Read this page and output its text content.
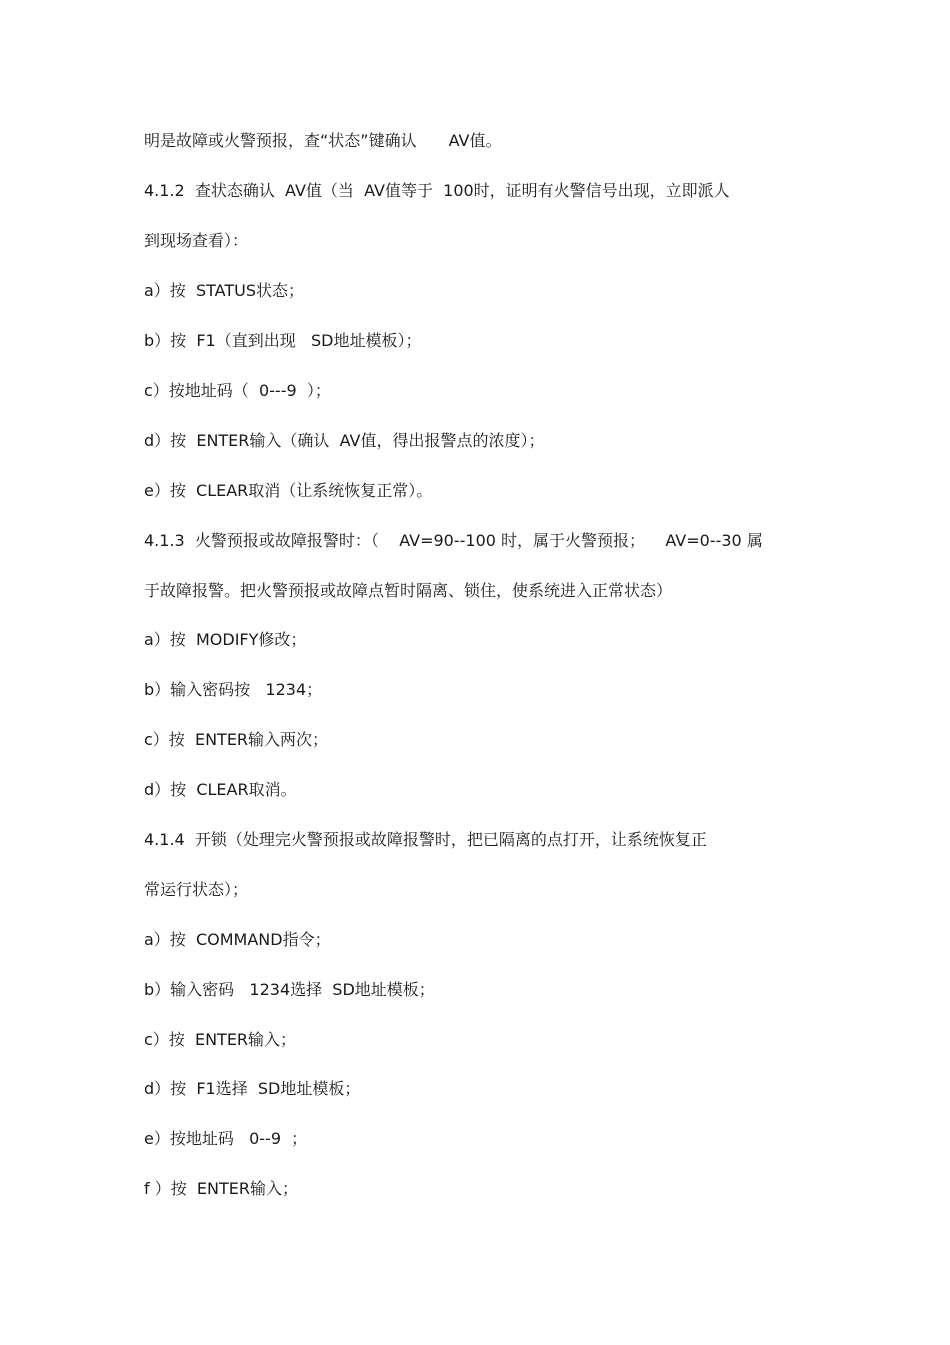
明是故障或火警预报，查“状态”键确认　　AV值。
4.1.2  查状态确认  AV值（当  AV值等于  100时，证明有火警信号出现，立即派人
到现场查看）：
a）按  STATUS状态；
b）按  F1（直到出现   SD地址模板）；
c）按地址码（  0---9  ）；
d）按  ENTER输入（确认  AV值，得出报警点的浓度）；
e）按  CLEAR取消（让系统恢复正常）。
4.1.3  火警预报或故障报警时：（    AV=90--100 时，属于火警预报；    AV=0--30 属
于故障报警。把火警预报或故障点暂时隔离、锁住，使系统进入正常状态）
a）按  MODIFY修改；
b）输入密码按   1234；
c）按  ENTER输入两次；
d）按  CLEAR取消。
4.1.4  开锁（处理完火警预报或故障报警时，把已隔离的点打开，让系统恢复正
常运行状态）；
a）按  COMMAND指令；
b）输入密码   1234选择  SD地址模板；
c）按  ENTER输入；
d）按  F1选择  SD地址模板；
e）按地址码   0--9  ；
f ）按  ENTER输入；
